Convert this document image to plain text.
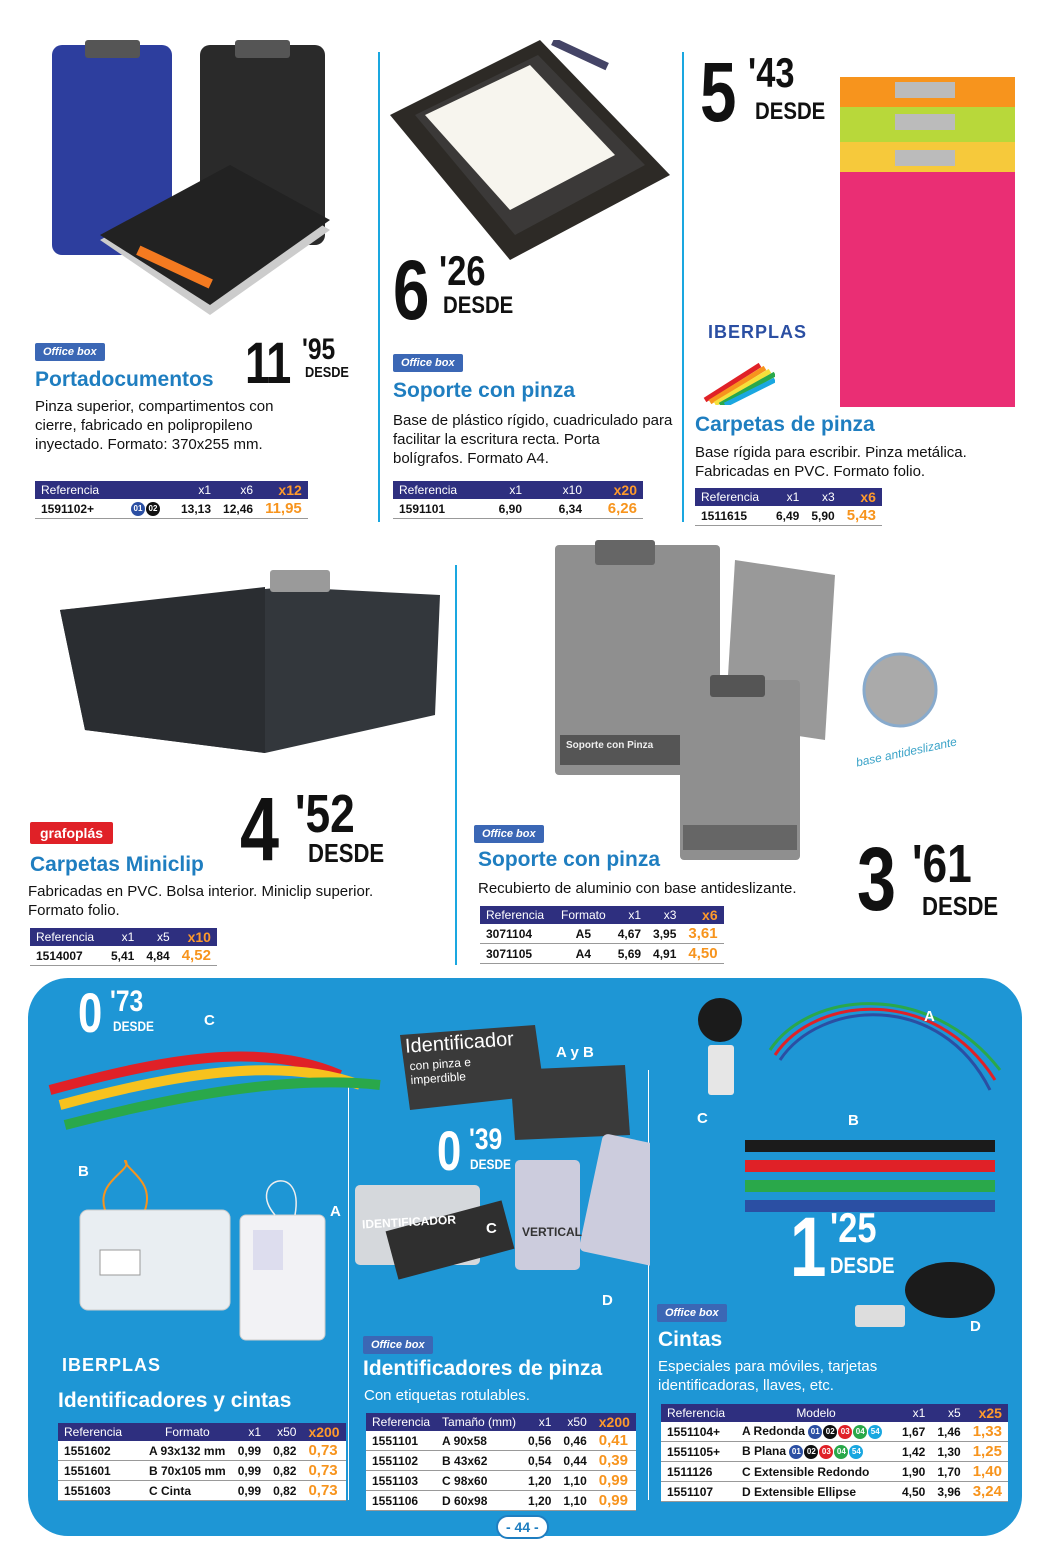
Office box	11 '95
DESDE
Portadocumentos
Pinza superior, compartimentos con cierre, fabricado en polipropileno inyectado. Formato: 370x255 mm.
Referencia		x1	x6	x12
1591102+	01 02	13,13	12,46	11,95
6 '26
DESDE
Office box
Soporte con pinza
Base de plástico rígido, cuadriculado para facilitar la escritura recta. Porta bolígrafos. Formato A4.
Referencia	x1	x10	x20
1591101	6,90	6,34	6,26
5 '43
DESDE
IBERPLAS
Carpetas de pinza
Base rígida para escribir. Pinza metálica. Fabricadas en PVC. Formato folio.
Referencia	x1	x3	x6
1511615	6,49	5,90	5,43
grafoplás 4 '52
DESDE
Carpetas Miniclip
Fabricadas en PVC. Bolsa interior. Miniclip superior. Formato folio.
Referencia	x1	x5	x10
1514007	5,41	4,84	4,52
Soporte con Pinza	base antideslizante
Office box
Soporte con pinza
Recubierto de aluminio con base antideslizante. 3 '61
DESDE
Referencia	Formato	x1	x3	x6
3071104	A5	4,67	3,95	3,61
3071105	A4	5,69	4,91	4,50
0 '73
DESDE	C
B
A
IBERPLAS
Identificadores y cintas
Referencia	Formato	x1	x50	x200
1551602	A 93x132 mm	0,99	0,82	0,73
1551601	B 70x105 mm	0,99	0,82	0,73
1551603	C Cinta	0,99	0,82	0,73
Identificador
con pinza e imperdible
IDENTIFICADOR
VERTICAL
A y B
0 '39
DESDE
C
D
Office box
Identificadores de pinza
Con etiquetas rotulables.
Referencia	Tamaño (mm)	x1	x50	x200
1551101	A 90x58	0,56	0,46	0,41
1551102	B 43x62	0,54	0,44	0,39
1551103	C 98x60	1,20	1,10	0,99
1551106	D 60x98	1,20	1,10	0,99
A
C	B
1 '25
DESDE
D
Office box
Cintas
Especiales para móviles, tarjetas identificadoras, llaves, etc.
Referencia	Modelo	x1	x5	x25
1551104+	A Redonda 01 02 03 04 54	1,67	1,46	1,33
1551105+	B Plana 01 02 03 04 54	1,42	1,30	1,25
1511126	C Extensible Redondo	1,90	1,70	1,40
1551107	D Extensible Ellipse	4,50	3,96	3,24
- 44 -
